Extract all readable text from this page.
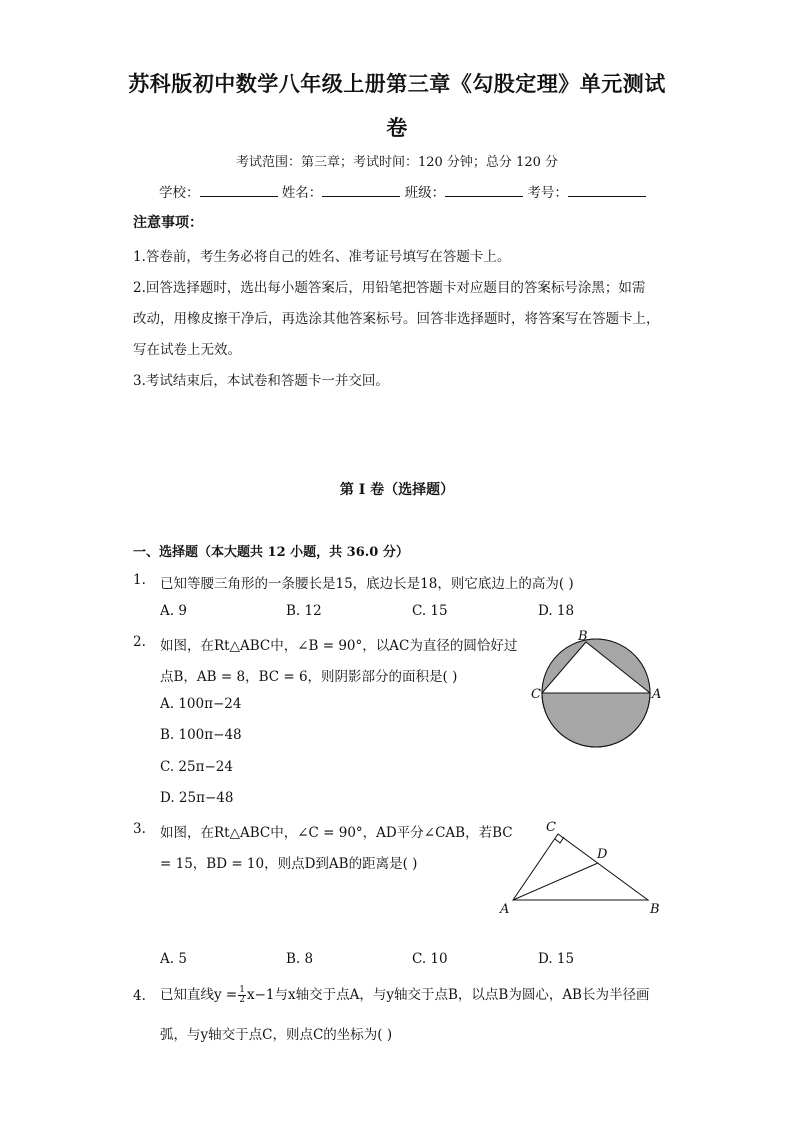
苏科版初中数学八年级上册第三章《勾股定理》单元测试
卷
考试范围：第三章；考试时间：120 分钟；总分 120 分
学校：	姓名：	班级：	考号：
注意事项：
1.答卷前，考生务必将自己的姓名、准考证号填写在答题卡上。
2.回答选择题时，选出每小题答案后，用铅笔把答题卡对应题目的答案标号涂黑；如需
改动，用橡皮擦干净后，再选涂其他答案标号。回答非选择题时，将答案写在答题卡上，
写在试卷上无效。
3.考试结束后，本试卷和答题卡一并交回。
第 I 卷（选择题）
一、选择题（本大题共 12 小题，共 36.0 分）
1. 已知等腰三角形的一条腰长是15，底边长是18，则它底边上的高为( )
A. 9	B. 12	C. 15	D. 18
2. 如图，在Rt△ABC中，∠B = 90°，以AC为直径的圆恰好过
点B，AB = 8，BC = 6，则阴影部分的面积是( )
A. 100π−24
B. 100π−48
C. 25π−24
D. 25π−48
B
C	A
3. 如图，在Rt△ABC中，∠C = 90°，AD平分∠CAB，若BC
= 15，BD = 10，则点D到AB的距离是( )
A. 5	B. 8	C. 10	D. 15
C
D
A	B
4. 已知直线$y = \frac{1}{2} x-1$与x轴交于点A，与y轴交于点B，以点B为圆心，AB长为半径画
弧，与y轴交于点C，则点C的坐标为( )
